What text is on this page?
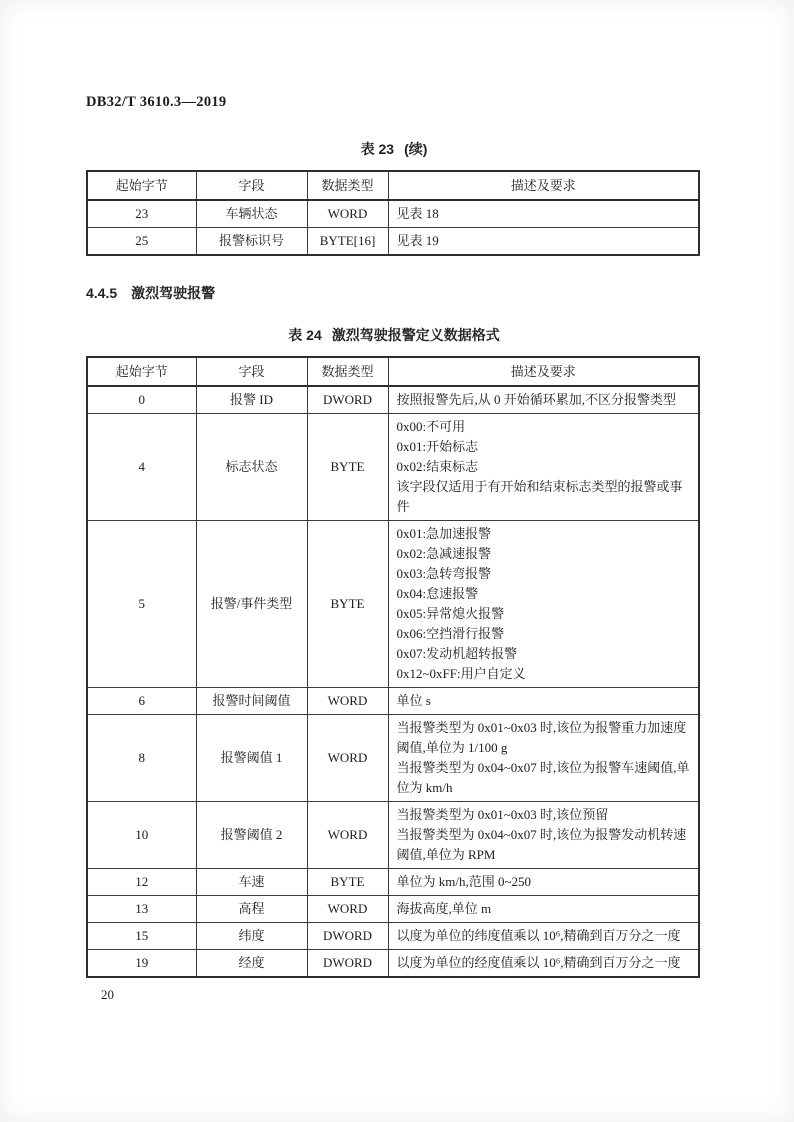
DB32/T 3610.3—2019
表 23 (续)
起始字节	字段	数据类型	描述及要求
23	车辆状态	WORD	见表 18

25	报警标识号	BYTE[16]	见表 19
4.4.5 激烈驾驶报警
表 24 激烈驾驶报警定义数据格式
起始字节	字段	数据类型	描述及要求
0	报警 ID	DWORD	按照报警先后,从 0 开始循环累加,不区分报警类型

4	标志状态	BYTE	0x00:不可用
0x01:开始标志
0x02:结束标志
该字段仅适用于有开始和结束标志类型的报警或事件

5	报警/事件类型	BYTE	
0x01:急加速报警
0x02:急减速报警
0x03:急转弯报警
0x04:怠速报警
0x05:异常熄火报警
0x06:空挡滑行报警
0x07:发动机超转报警
0x12~0xFF:用户自定义

6	报警时间阈值	WORD	单位 s

8	报警阈值 1	WORD	当报警类型为 0x01~0x03 时,该位为报警重力加速度阈值,单位为 1/100 g
当报警类型为 0x04~0x07 时,该位为报警车速阈值,单位为 km/h

10	报警阈值 2	WORD	当报警类型为 0x01~0x03 时,该位预留
当报警类型为 0x04~0x07 时,该位为报警发动机转速阈值,单位为 RPM

12	车速	BYTE	单位为 km/h,范围 0~250

13	高程	WORD	海拔高度,单位 m

15	纬度	DWORD	以度为单位的纬度值乘以 10⁶,精确到百万分之一度

19	经度	DWORD	以度为单位的经度值乘以 10⁶,精确到百万分之一度
20
